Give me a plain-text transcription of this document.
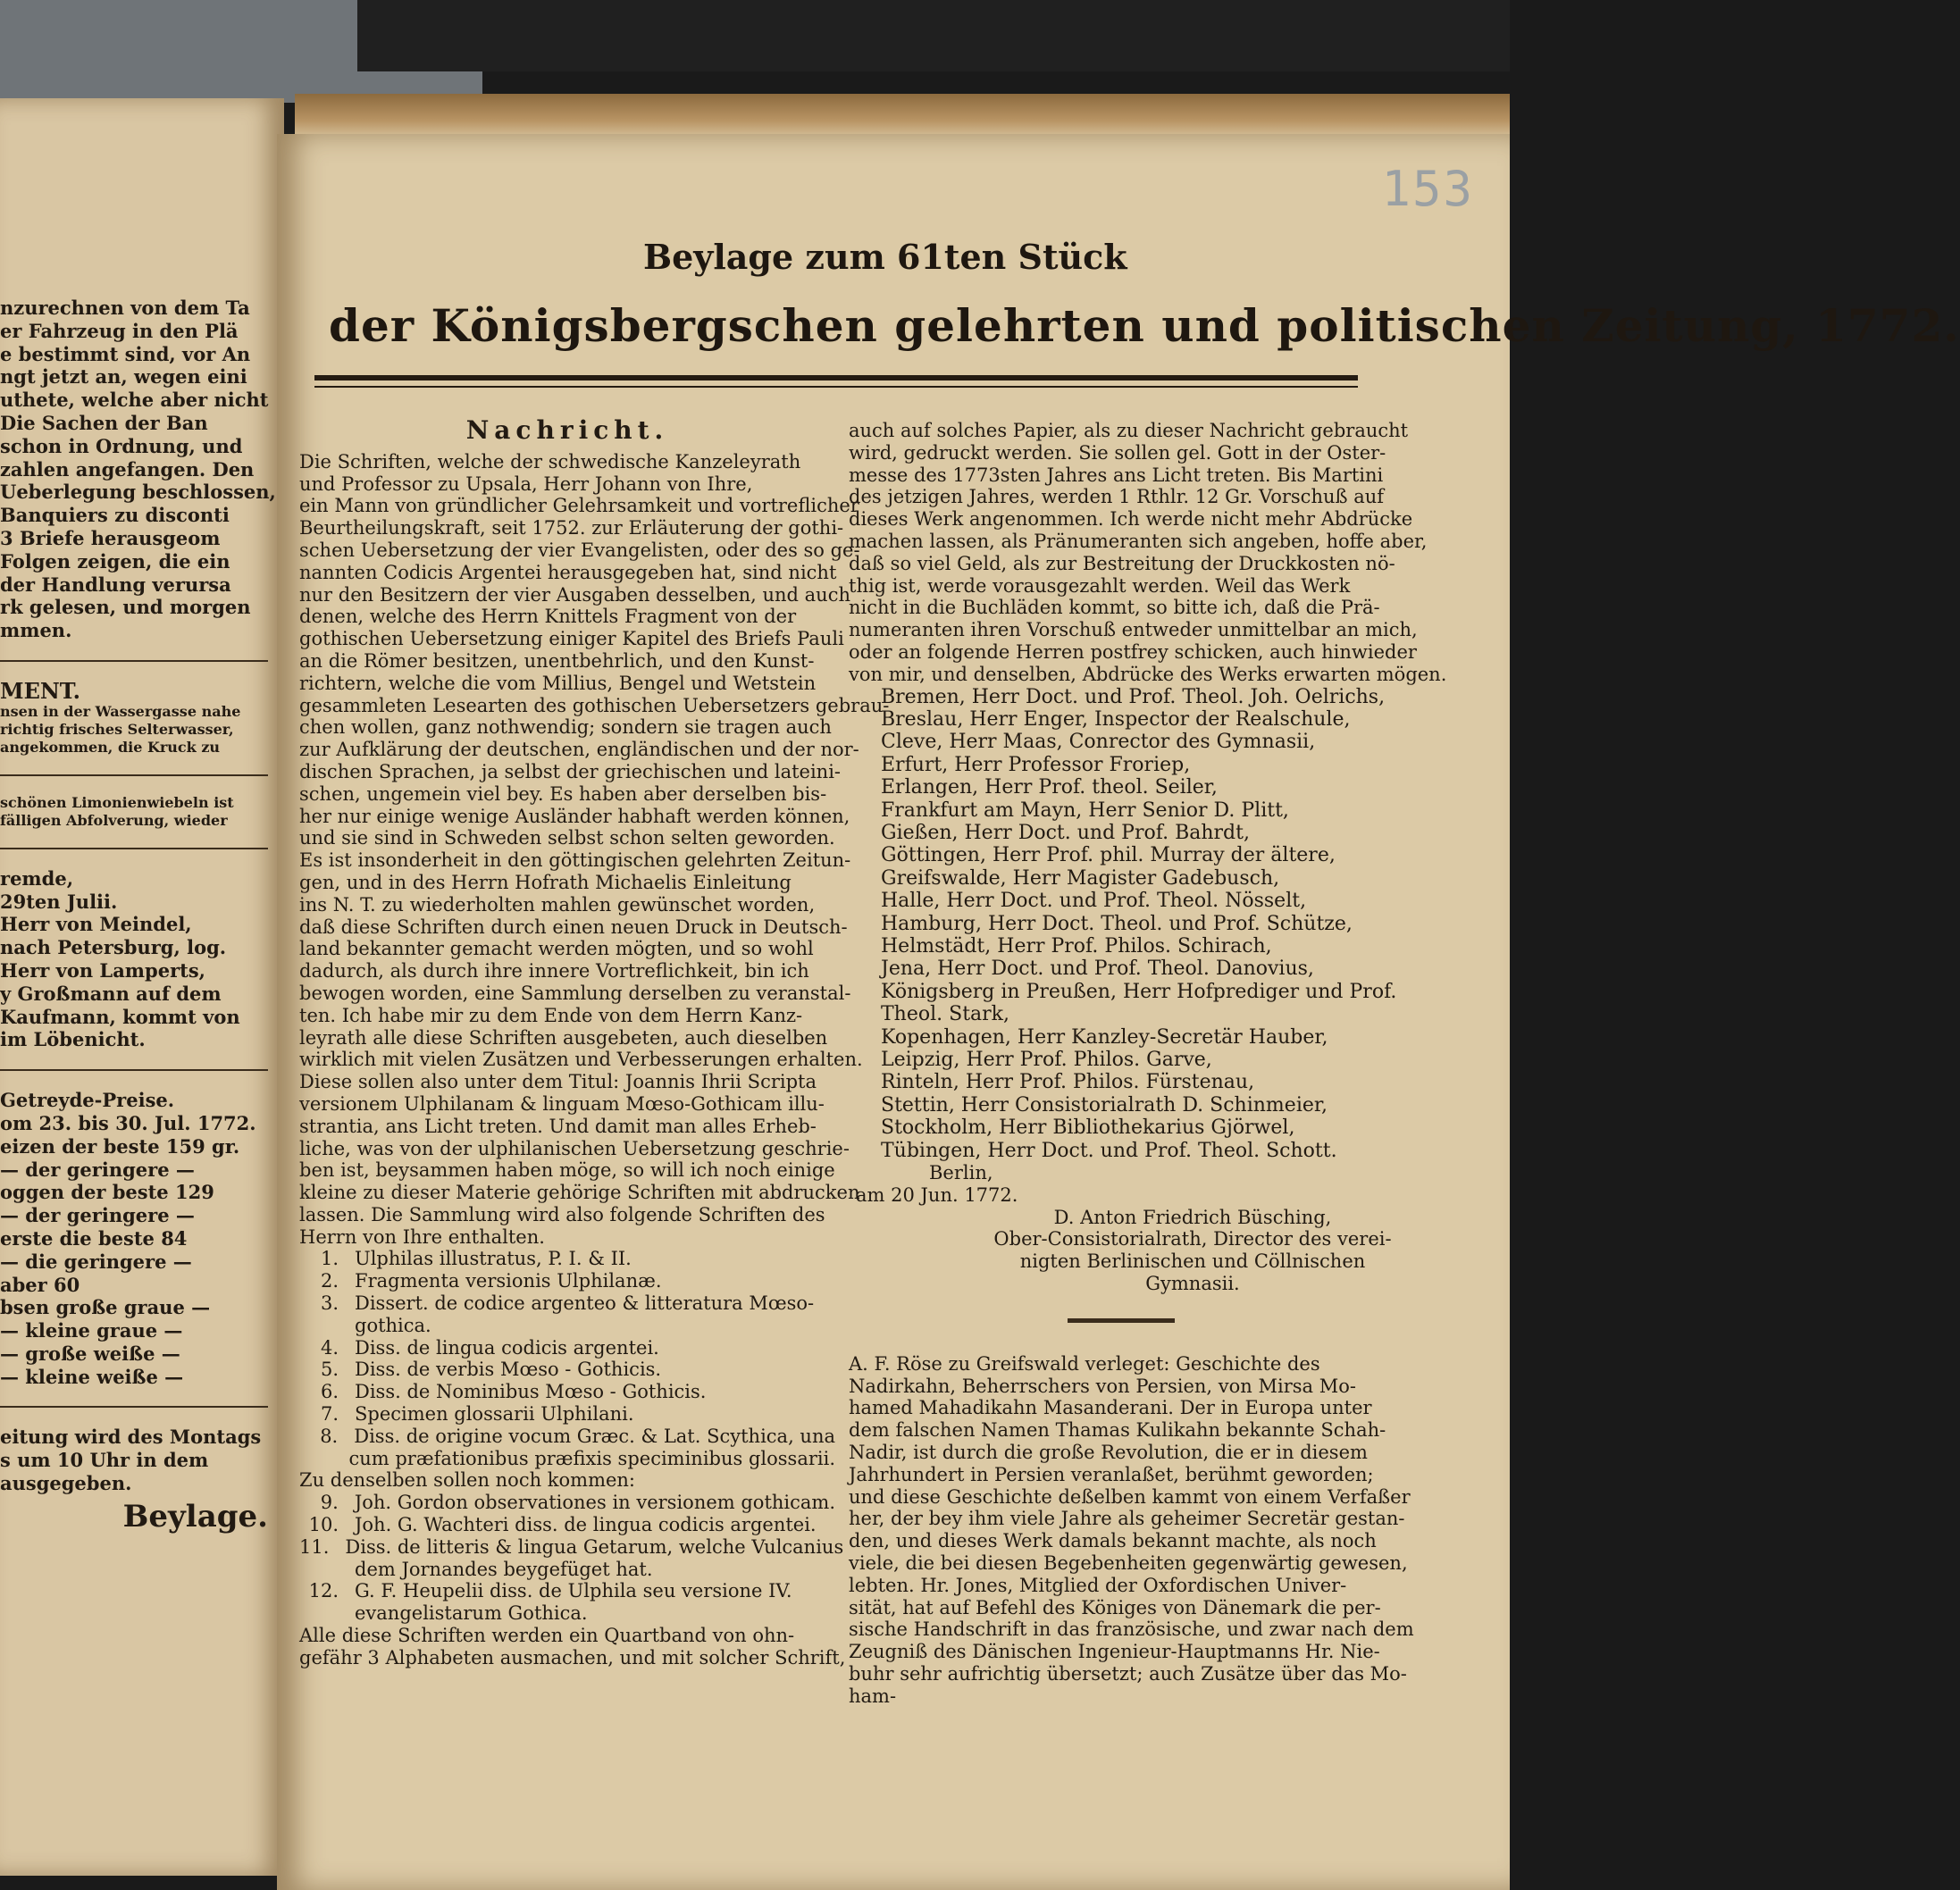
nzurechnen von dem Ta

er Fahrzeug in den Plä

e bestimmt sind, vor An

ngt jetzt an, wegen eini

uthete, welche aber nicht

Die Sachen der Ban

schon in Ordnung, und

zahlen angefangen. Den

Ueberlegung beschlossen,

Banquiers zu disconti

3 Briefe herausgeom

Folgen zeigen, die ein

der Handlung verursa

rk gelesen, und morgen

mmen.

MENT.

nsen in der Wassergasse nahe

richtig frisches Selterwasser,

angekommen, die Kruck zu

schönen Limonienwiebeln ist

fälligen Abfolverung, wieder

remde,

29ten Julii.

Herr von Meindel,

nach Petersburg, log.

Herr von Lamperts,

y Großmann auf dem

Kaufmann, kommt von

im Löbenicht.

Getreyde-Preise.

om 23. bis 30. Jul. 1772.

eizen der beste 159 gr.

— der geringere —

oggen der beste 129

— der geringere —

erste die beste 84

— die geringere —

aber 60

bsen große graue —

— kleine graue —

— große weiße —

— kleine weiße —

eitung wird des Montags

s um 10 Uhr in dem

ausgegeben.

Beylage.

153
Beylage zum 61ten Stück
der Königsbergschen gelehrten und politischen Zeitung, 1772.

Nachricht.

Die Schriften, welche der schwedische Kanzeleyrath

und Professor zu Upsala, Herr Johann von Ihre,

ein Mann von gründlicher Gelehrsamkeit und vortreflicher

Beurtheilungskraft, seit 1752. zur Erläuterung der gothi-

schen Uebersetzung der vier Evangelisten, oder des so ge-

nannten Codicis Argentei herausgegeben hat, sind nicht

nur den Besitzern der vier Ausgaben desselben, und auch

denen, welche des Herrn Knittels Fragment von der

gothischen Uebersetzung einiger Kapitel des Briefs Pauli

an die Römer besitzen, unentbehrlich, und den Kunst-

richtern, welche die vom Millius, Bengel und Wetstein

gesammleten Lesearten des gothischen Uebersetzers gebrau-

chen wollen, ganz nothwendig; sondern sie tragen auch

zur Aufklärung der deutschen, engländischen und der nor-

dischen Sprachen, ja selbst der griechischen und lateini-

schen, ungemein viel bey. Es haben aber derselben bis-

her nur einige wenige Ausländer habhaft werden können,

und sie sind in Schweden selbst schon selten geworden.

Es ist insonderheit in den göttingischen gelehrten Zeitun-

gen, und in des Herrn Hofrath Michaelis Einleitung

ins N. T. zu wiederholten mahlen gewünschet worden,

daß diese Schriften durch einen neuen Druck in Deutsch-

land bekannter gemacht werden mögten, und so wohl

dadurch, als durch ihre innere Vortreflichkeit, bin ich

bewogen worden, eine Sammlung derselben zu veranstal-

ten. Ich habe mir zu dem Ende von dem Herrn Kanz-

leyrath alle diese Schriften ausgebeten, auch dieselben

wirklich mit vielen Zusätzen und Verbesserungen erhalten.

Diese sollen also unter dem Titul: Joannis Ihrii Scripta

versionem Ulphilanam & linguam Mœso-Gothicam illu-

strantia, ans Licht treten. Und damit man alles Erheb-

liche, was von der ulphilanischen Uebersetzung geschrie-

ben ist, beysammen haben möge, so will ich noch einige

kleine zu dieser Materie gehörige Schriften mit abdrucken

lassen. Die Sammlung wird also folgende Schriften des

Herrn von Ihre enthalten.

1. Ulphilas illustratus, P. I. & II.
2. Fragmenta versionis Ulphilanæ.
3. Dissert. de codice argenteo & litteratura Mœso-
gothica.
4. Diss. de lingua codicis argentei.
5. Diss. de verbis Mœso - Gothicis.
6. Diss. de Nominibus Mœso - Gothicis.
7. Specimen glossarii Ulphilani.
8. Diss. de origine vocum Græc. & Lat. Scythica, una
cum præfationibus præfixis speciminibus glossarii.

Zu denselben sollen noch kommen:

9. Joh. Gordon observationes in versionem gothicam.
10. Joh. G. Wachteri diss. de lingua codicis argentei.
11. Diss. de litteris & lingua Getarum, welche Vulcanius
dem Jornandes beygefüget hat.
12. G. F. Heupelii diss. de Ulphila seu versione IV.
evangelistarum Gothica.

Alle diese Schriften werden ein Quartband von ohn-

gefähr 3 Alphabeten ausmachen, und mit solcher Schrift,

auch auf solches Papier, als zu dieser Nachricht gebraucht

wird, gedruckt werden. Sie sollen gel. Gott in der Oster-

messe des 1773sten Jahres ans Licht treten. Bis Martini

des jetzigen Jahres, werden 1 Rthlr. 12 Gr. Vorschuß auf

dieses Werk angenommen. Ich werde nicht mehr Abdrücke

machen lassen, als Pränumeranten sich angeben, hoffe aber,

daß so viel Geld, als zur Bestreitung der Druckkosten nö-

thig ist, werde vorausgezahlt werden. Weil das Werk

nicht in die Buchläden kommt, so bitte ich, daß die Prä-

numeranten ihren Vorschuß entweder unmittelbar an mich,

oder an folgende Herren postfrey schicken, auch hinwieder

von mir, und denselben, Abdrücke des Werks erwarten mögen.

Bremen, Herr Doct. und Prof. Theol. Joh. Oelrichs,

Breslau, Herr Enger, Inspector der Realschule,

Cleve, Herr Maas, Conrector des Gymnasii,

Erfurt, Herr Professor Froriep,

Erlangen, Herr Prof. theol. Seiler,

Frankfurt am Mayn, Herr Senior D. Plitt,

Gießen, Herr Doct. und Prof. Bahrdt,

Göttingen, Herr Prof. phil. Murray der ältere,

Greifswalde, Herr Magister Gadebusch,

Halle, Herr Doct. und Prof. Theol. Nösselt,

Hamburg, Herr Doct. Theol. und Prof. Schütze,

Helmstädt, Herr Prof. Philos. Schirach,

Jena, Herr Doct. und Prof. Theol. Danovius,

Königsberg in Preußen, Herr Hofprediger und Prof.

Theol. Stark,

Kopenhagen, Herr Kanzley-Secretär Hauber,

Leipzig, Herr Prof. Philos. Garve,

Rinteln, Herr Prof. Philos. Fürstenau,

Stettin, Herr Consistorialrath D. Schinmeier,

Stockholm, Herr Bibliothekarius Gjörwel,

Tübingen, Herr Doct. und Prof. Theol. Schott.

Berlin,

am 20 Jun. 1772.

D. Anton Friedrich Büsching,

Ober-Consistorialrath, Director des verei-

nigten Berlinischen und Cöllnischen

Gymnasii.

A. F. Röse zu Greifswald verleget: Geschichte des

Nadirkahn, Beherrschers von Persien, von Mirsa Mo-

hamed Mahadikahn Masanderani. Der in Europa unter

dem falschen Namen Thamas Kulikahn bekannte Schah-

Nadir, ist durch die große Revolution, die er in diesem

Jahrhundert in Persien veranlaßet, berühmt geworden;

und diese Geschichte deßelben kammt von einem Verfaßer

her, der bey ihm viele Jahre als geheimer Secretär gestan-

den, und dieses Werk damals bekannt machte, als noch

viele, die bei diesen Begebenheiten gegenwärtig gewesen,

lebten. Hr. Jones, Mitglied der Oxfordischen Univer-

sität, hat auf Befehl des Königes von Dänemark die per-

sische Handschrift in das französische, und zwar nach dem

Zeugniß des Dänischen Ingenieur-Hauptmanns Hr. Nie-

buhr sehr aufrichtig übersetzt; auch Zusätze über das Mo-

ham-
